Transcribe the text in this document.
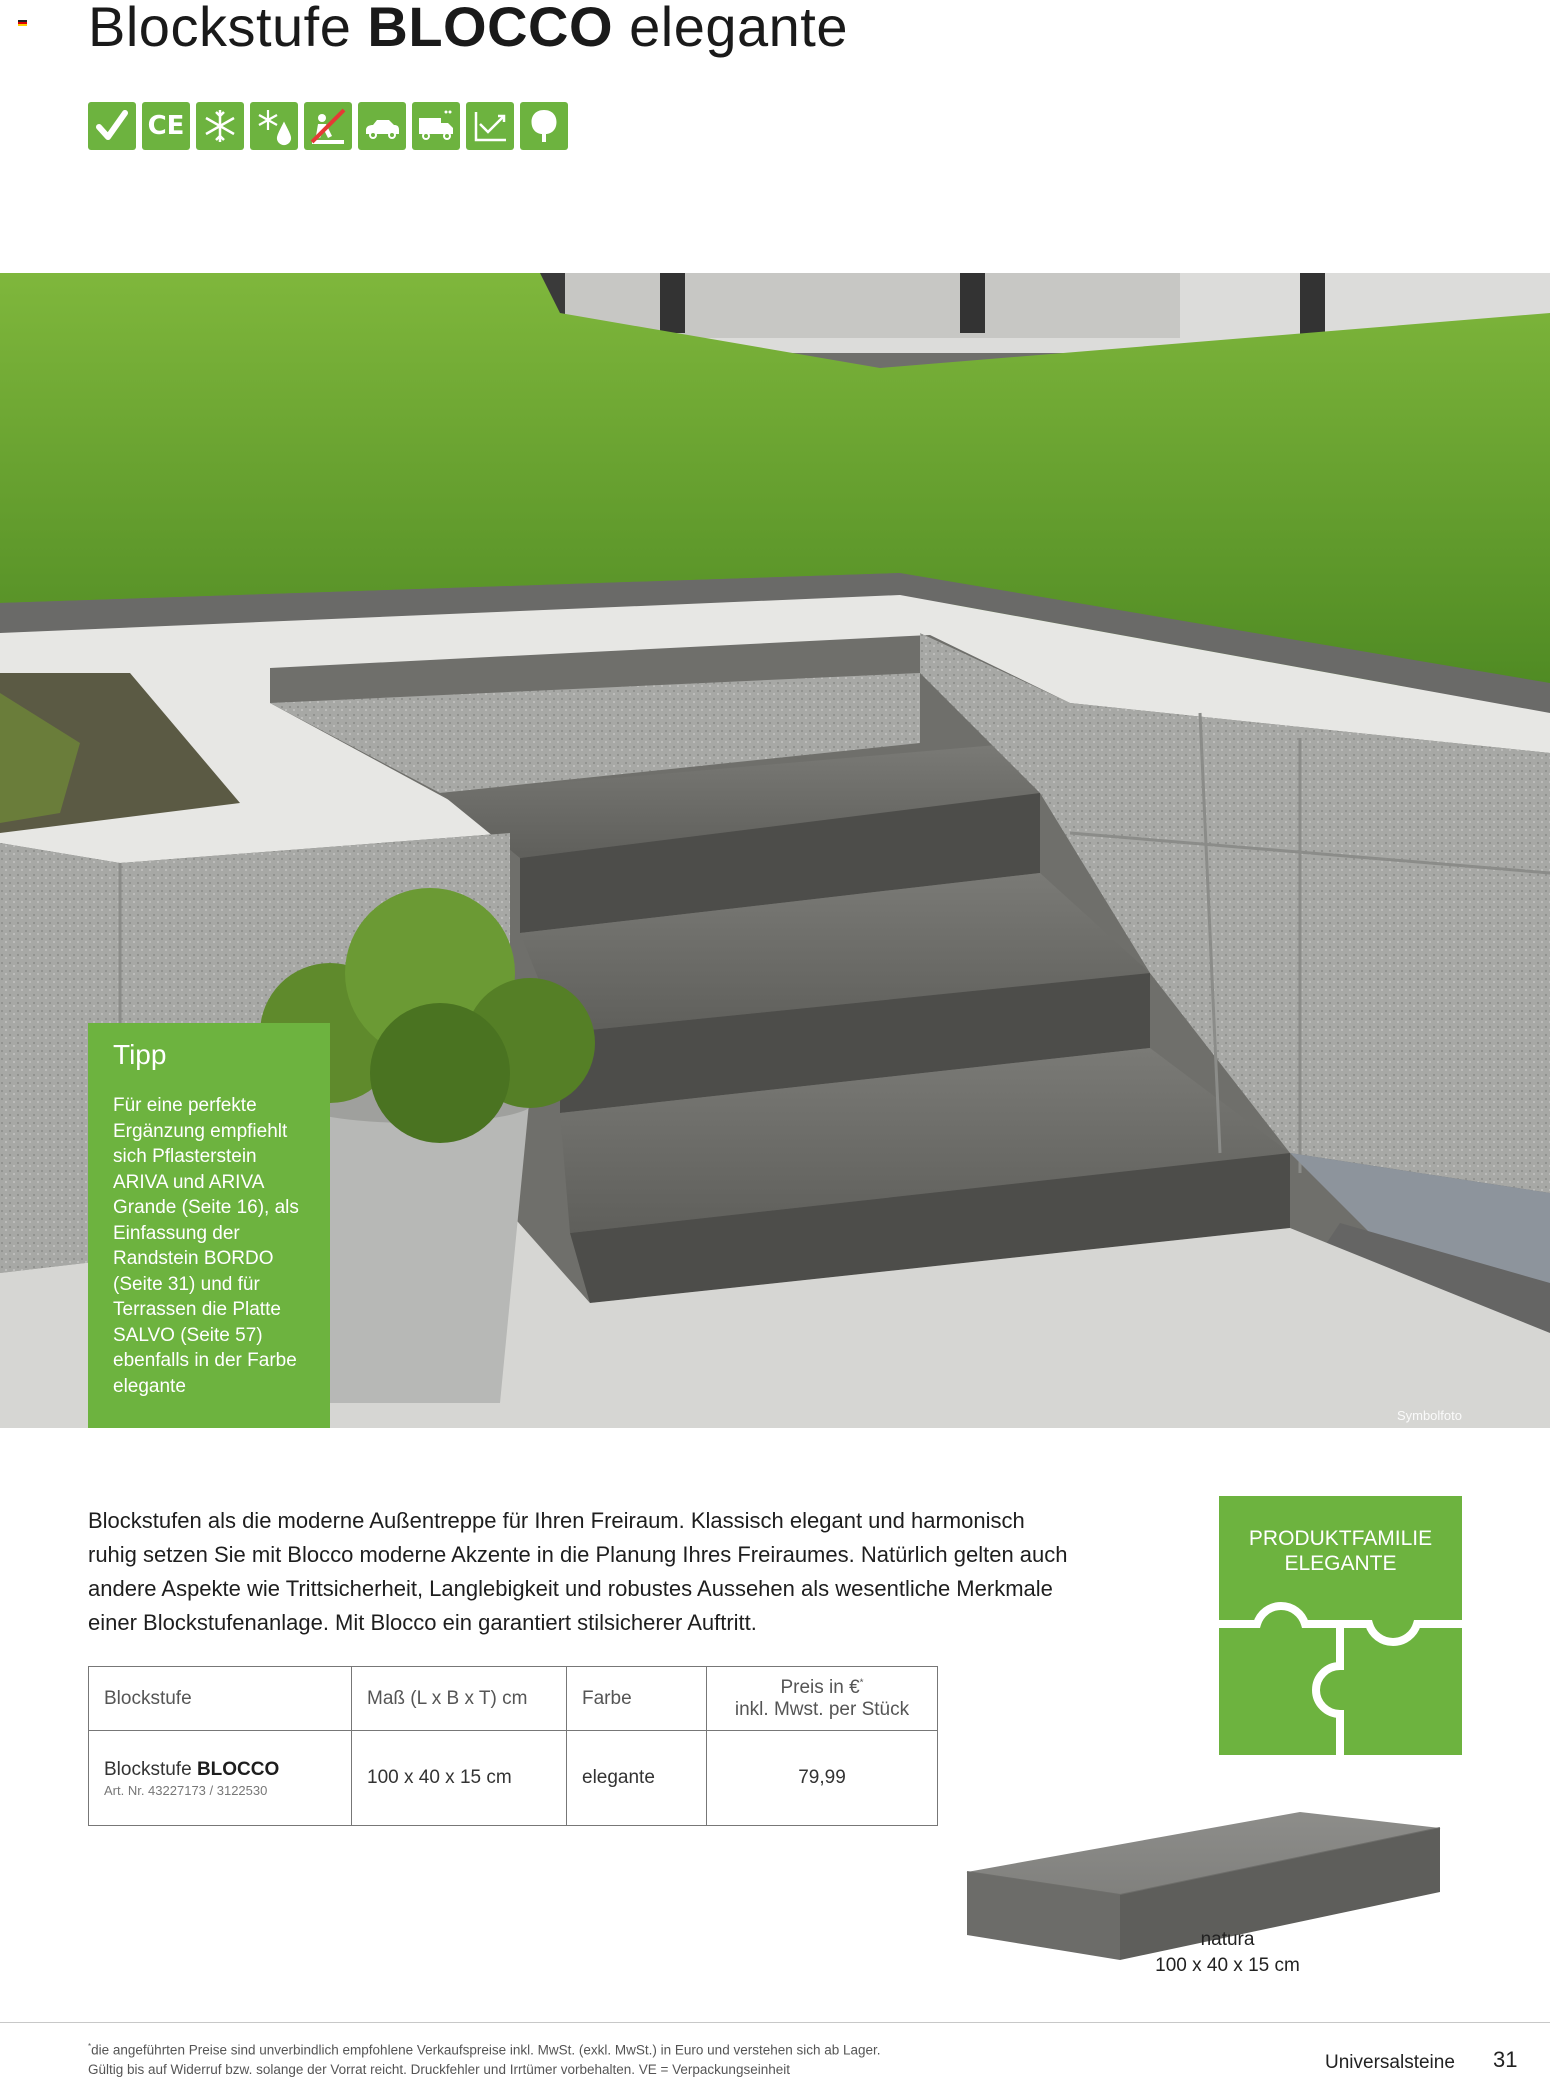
Blockstufe BLOCCO elegante
CE
Symbolfoto
Tipp

Für eine perfekte Ergänzung empfiehlt sich Pflasterstein ARIVA und ARIVA Grande (Seite 16), als Einfassung der Randstein BORDO (Seite 31) und für Terrassen die Platte SALVO (Seite 57) ebenfalls in der Farbe elegante

Blockstufen als die moderne Außentreppe für Ihren Freiraum. Klassisch elegant und harmonisch ruhig setzen Sie mit Blocco moderne Akzente in die Planung Ihres Freiraumes. Natürlich gelten auch andere Aspekte wie Trittsicherheit, Langlebigkeit und robustes Aussehen als wesentliche Merkmale einer Blockstufenanlage. Mit Blocco ein garantiert stilsicherer Auftritt.

Blockstufe	Maß (L x B x T) cm	Farbe	Preis in €*
inkl. Mwst. per Stück
Blockstufe BLOCCO
Art. Nr. 43227173 / 3122530	100 x 40 x 15 cm	elegante	79,99
PRODUKTFAMILIE
ELEGANTE
natura
100 x 40 x 15 cm
*die angeführten Preise sind unverbindlich empfohlene Verkaufspreise inkl. MwSt. (exkl. MwSt.) in Euro und verstehen sich ab Lager.
Gültig bis auf Widerruf bzw. solange der Vorrat reicht. Druckfehler und Irrtümer vorbehalten. VE = Verpackungseinheit	Universalsteine 31
